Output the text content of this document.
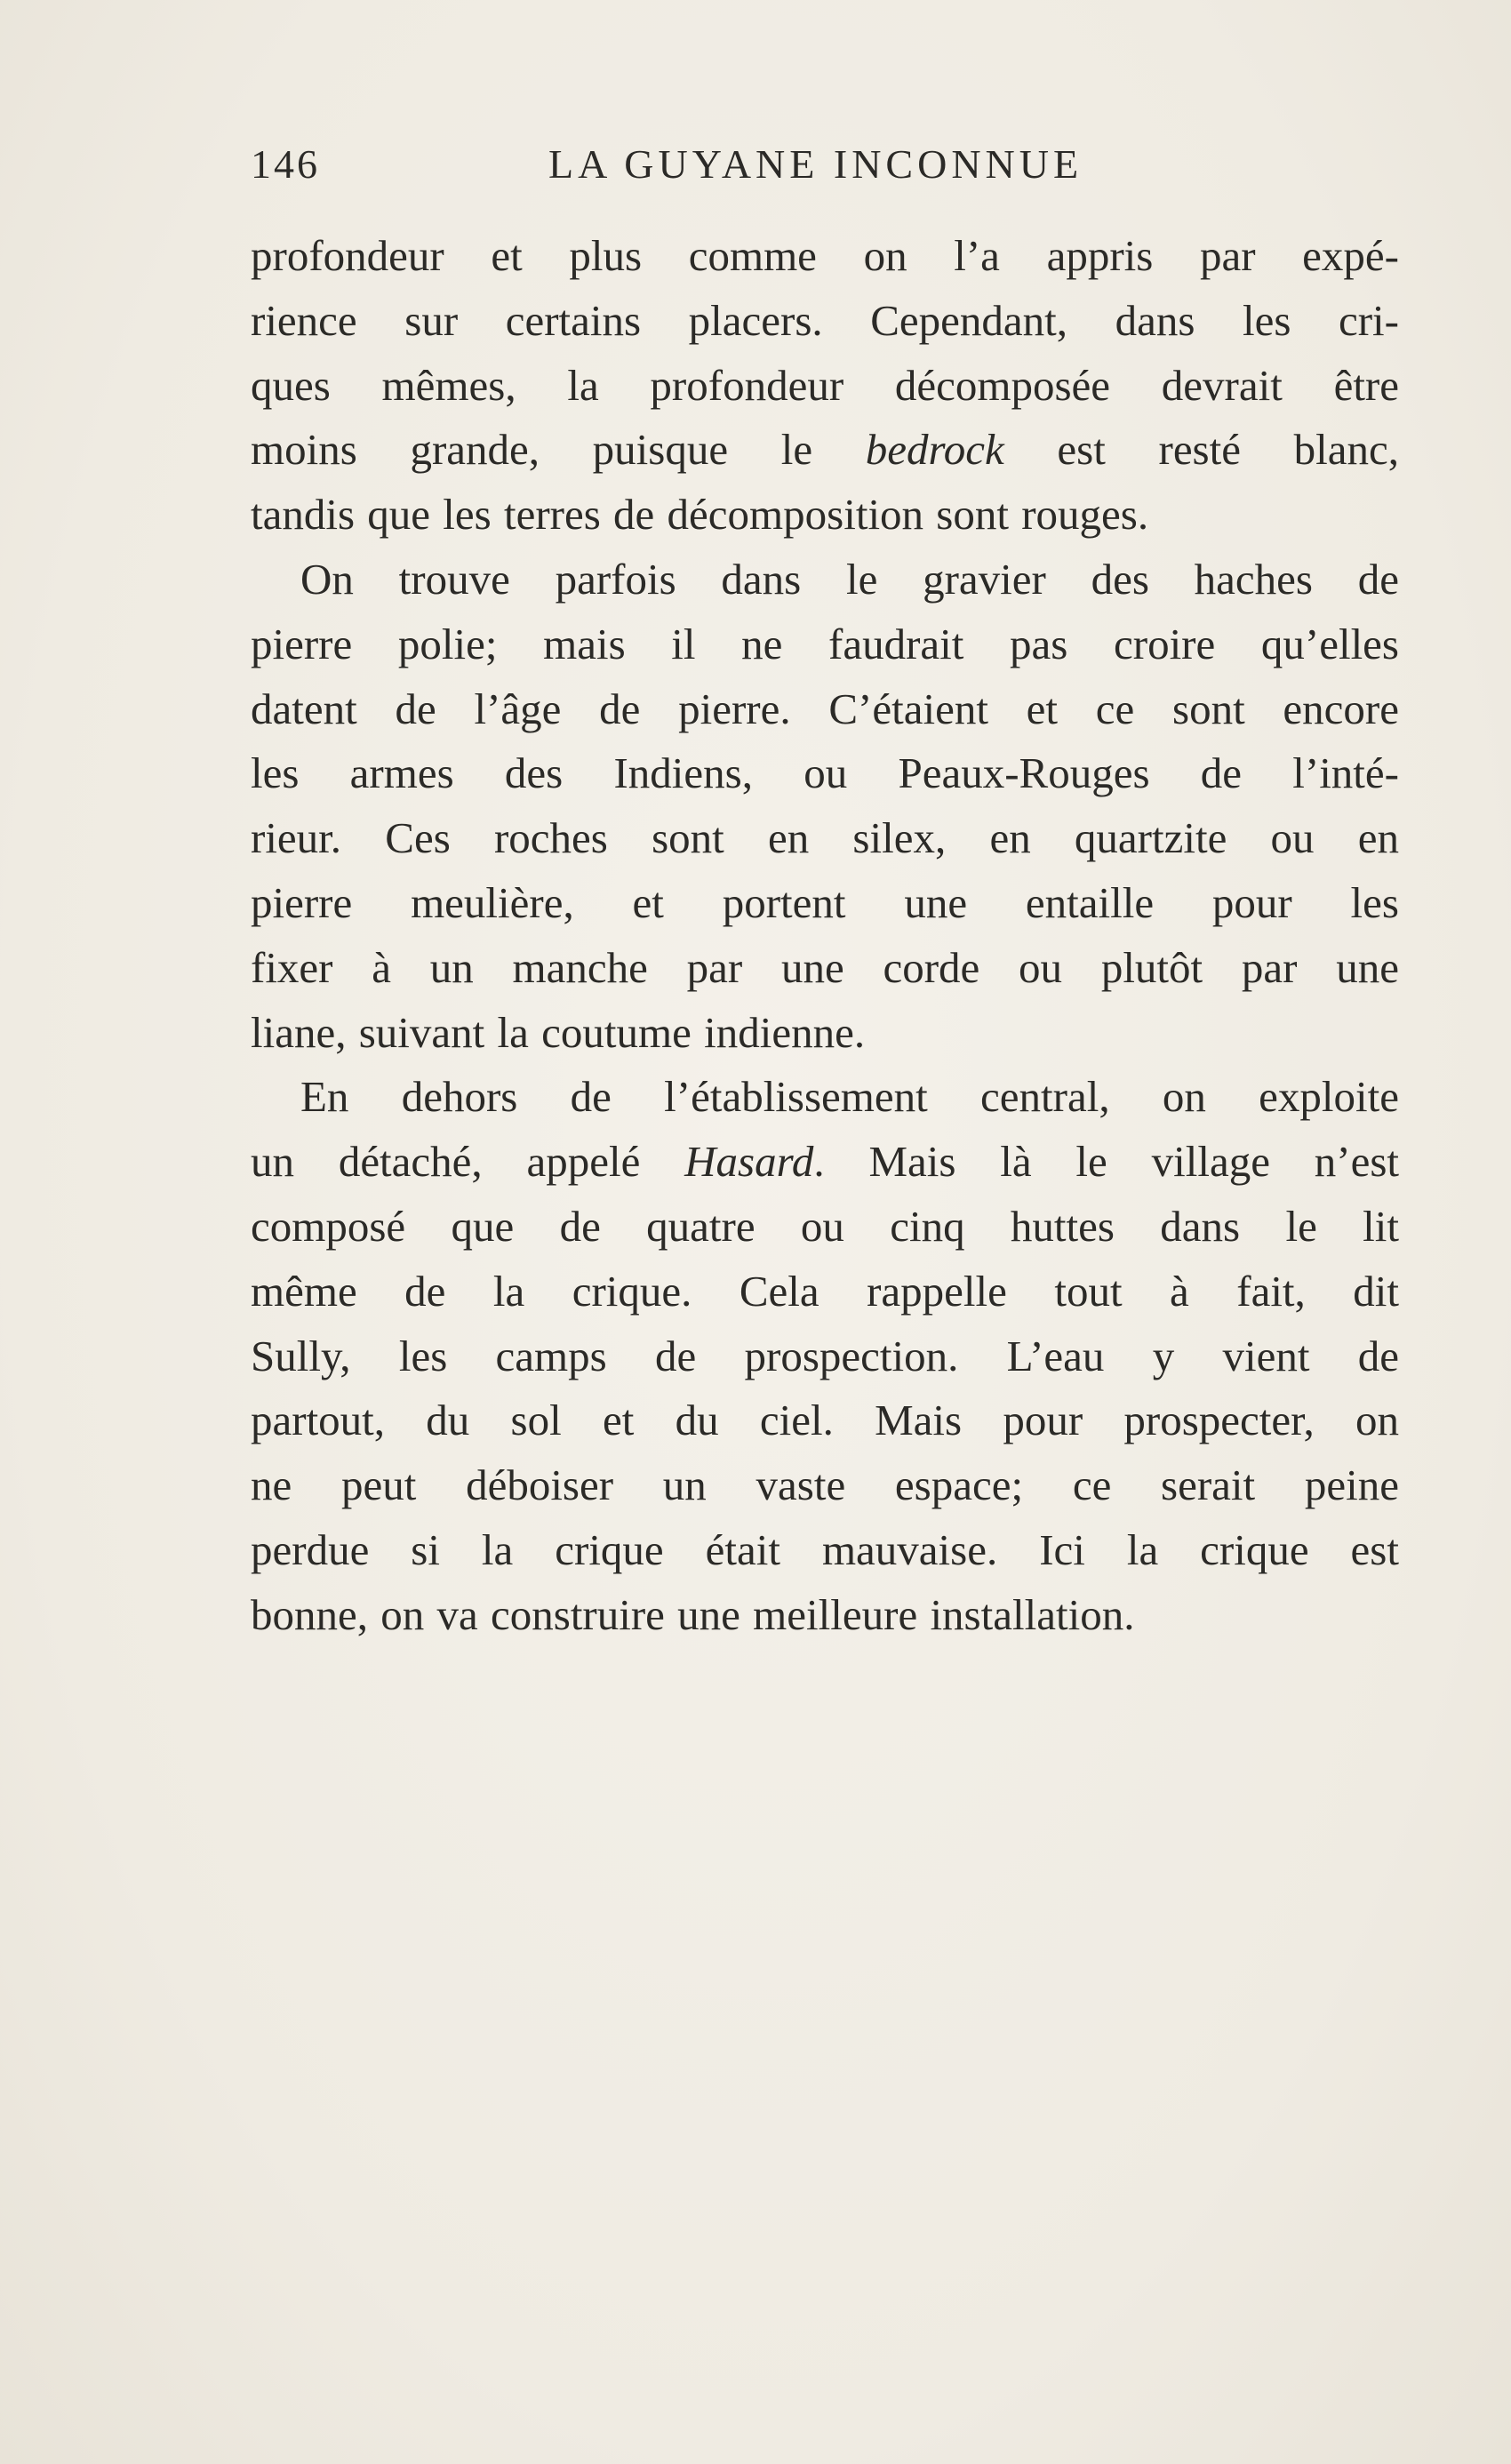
146	LA GUYANE INCONNUE
profondeur et plus comme on l’a appris par expé-
rience sur certains placers. Cependant, dans les cri-
ques mêmes, la profondeur décomposée devrait être
moins grande, puisque le bedrock est resté blanc,
tandis que les terres de décomposition sont rouges.
On trouve parfois dans le gravier des haches de
pierre polie; mais il ne faudrait pas croire qu’elles
datent de l’âge de pierre. C’étaient et ce sont encore
les armes des Indiens, ou Peaux-Rouges de l’inté-
rieur. Ces roches sont en silex, en quartzite ou en
pierre meulière, et portent une entaille pour les
fixer à un manche par une corde ou plutôt par une
liane, suivant la coutume indienne.
En dehors de l’établissement central, on exploite
un détaché, appelé Hasard. Mais là le village n’est
composé que de quatre ou cinq huttes dans le lit
même de la crique. Cela rappelle tout à fait, dit
Sully, les camps de prospection. L’eau y vient de
partout, du sol et du ciel. Mais pour prospecter, on
ne peut déboiser un vaste espace; ce serait peine
perdue si la crique était mauvaise. Ici la crique est
bonne, on va construire une meilleure installation.
